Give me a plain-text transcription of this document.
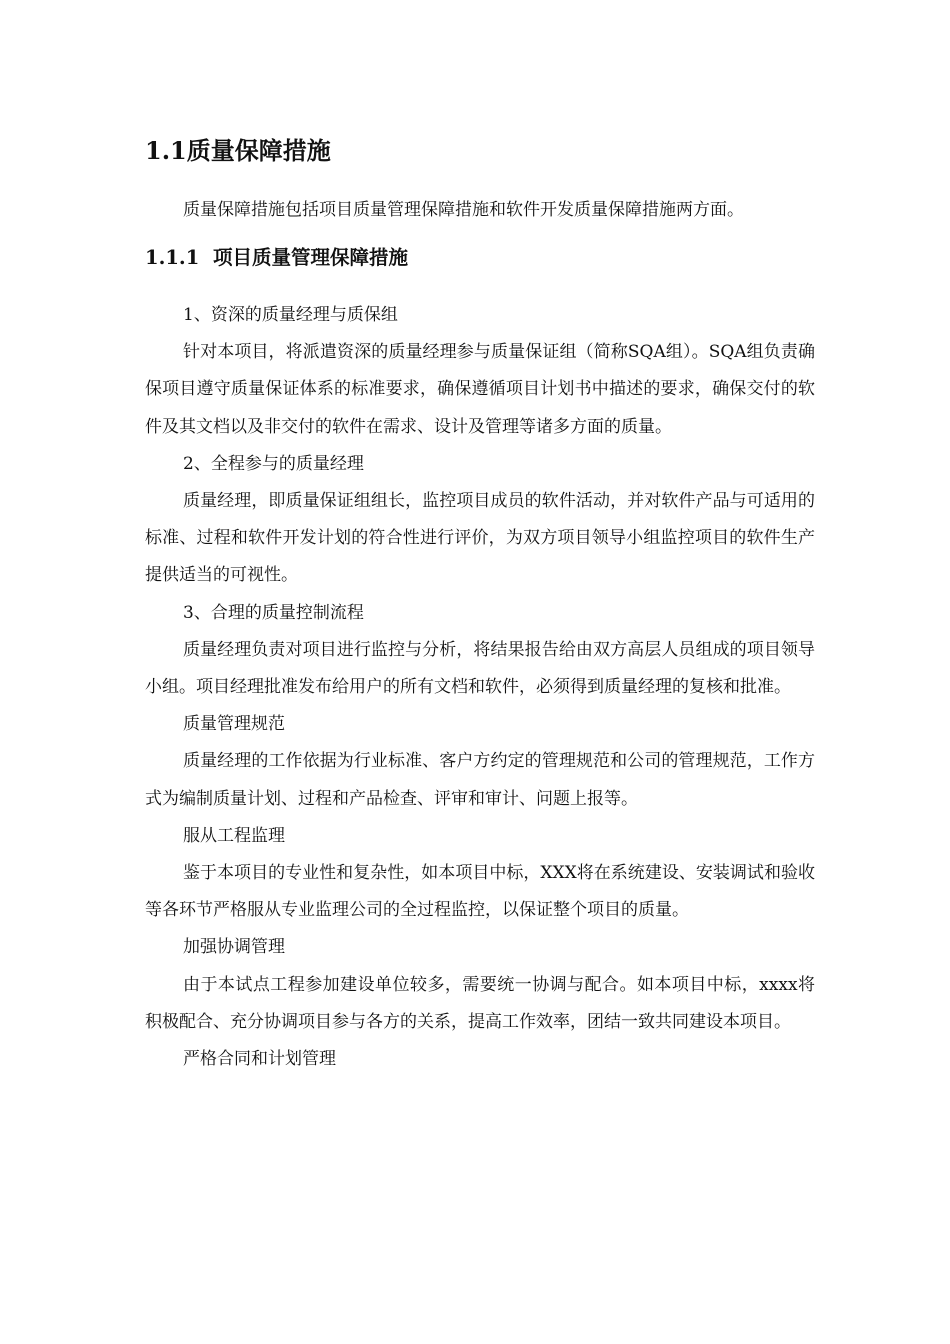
1.1质量保障措施
质量保障措施包括项目质量管理保障措施和软件开发质量保障措施两方面。
1.1.1 项目质量管理保障措施

1、资深的质量经理与质保组

针对本项目，将派遣资深的质量经理参与质量保证组（简称SQA组）。SQA组负责确保项目遵守质量保证体系的标准要求，确保遵循项目计划书中描述的要求，确保交付的软件及其文档以及非交付的软件在需求、设计及管理等诸多方面的质量。

2、全程参与的质量经理

质量经理，即质量保证组组长，监控项目成员的软件活动，并对软件产品与可适用的标准、过程和软件开发计划的符合性进行评价，为双方项目领导小组监控项目的软件生产提供适当的可视性。

3、合理的质量控制流程

质量经理负责对项目进行监控与分析，将结果报告给由双方高层人员组成的项目领导小组。项目经理批准发布给用户的所有文档和软件，必须得到质量经理的复核和批准。

质量管理规范

质量经理的工作依据为行业标准、客户方约定的管理规范和公司的管理规范，工作方式为编制质量计划、过程和产品检查、评审和审计、问题上报等。

服从工程监理

鉴于本项目的专业性和复杂性，如本项目中标，XXX将在系统建设、安装调试和验收等各环节严格服从专业监理公司的全过程监控，以保证整个项目的质量。

加强协调管理

由于本试点工程参加建设单位较多，需要统一协调与配合。如本项目中标，xxxx将积极配合、充分协调项目参与各方的关系，提高工作效率，团结一致共同建设本项目。

严格合同和计划管理
